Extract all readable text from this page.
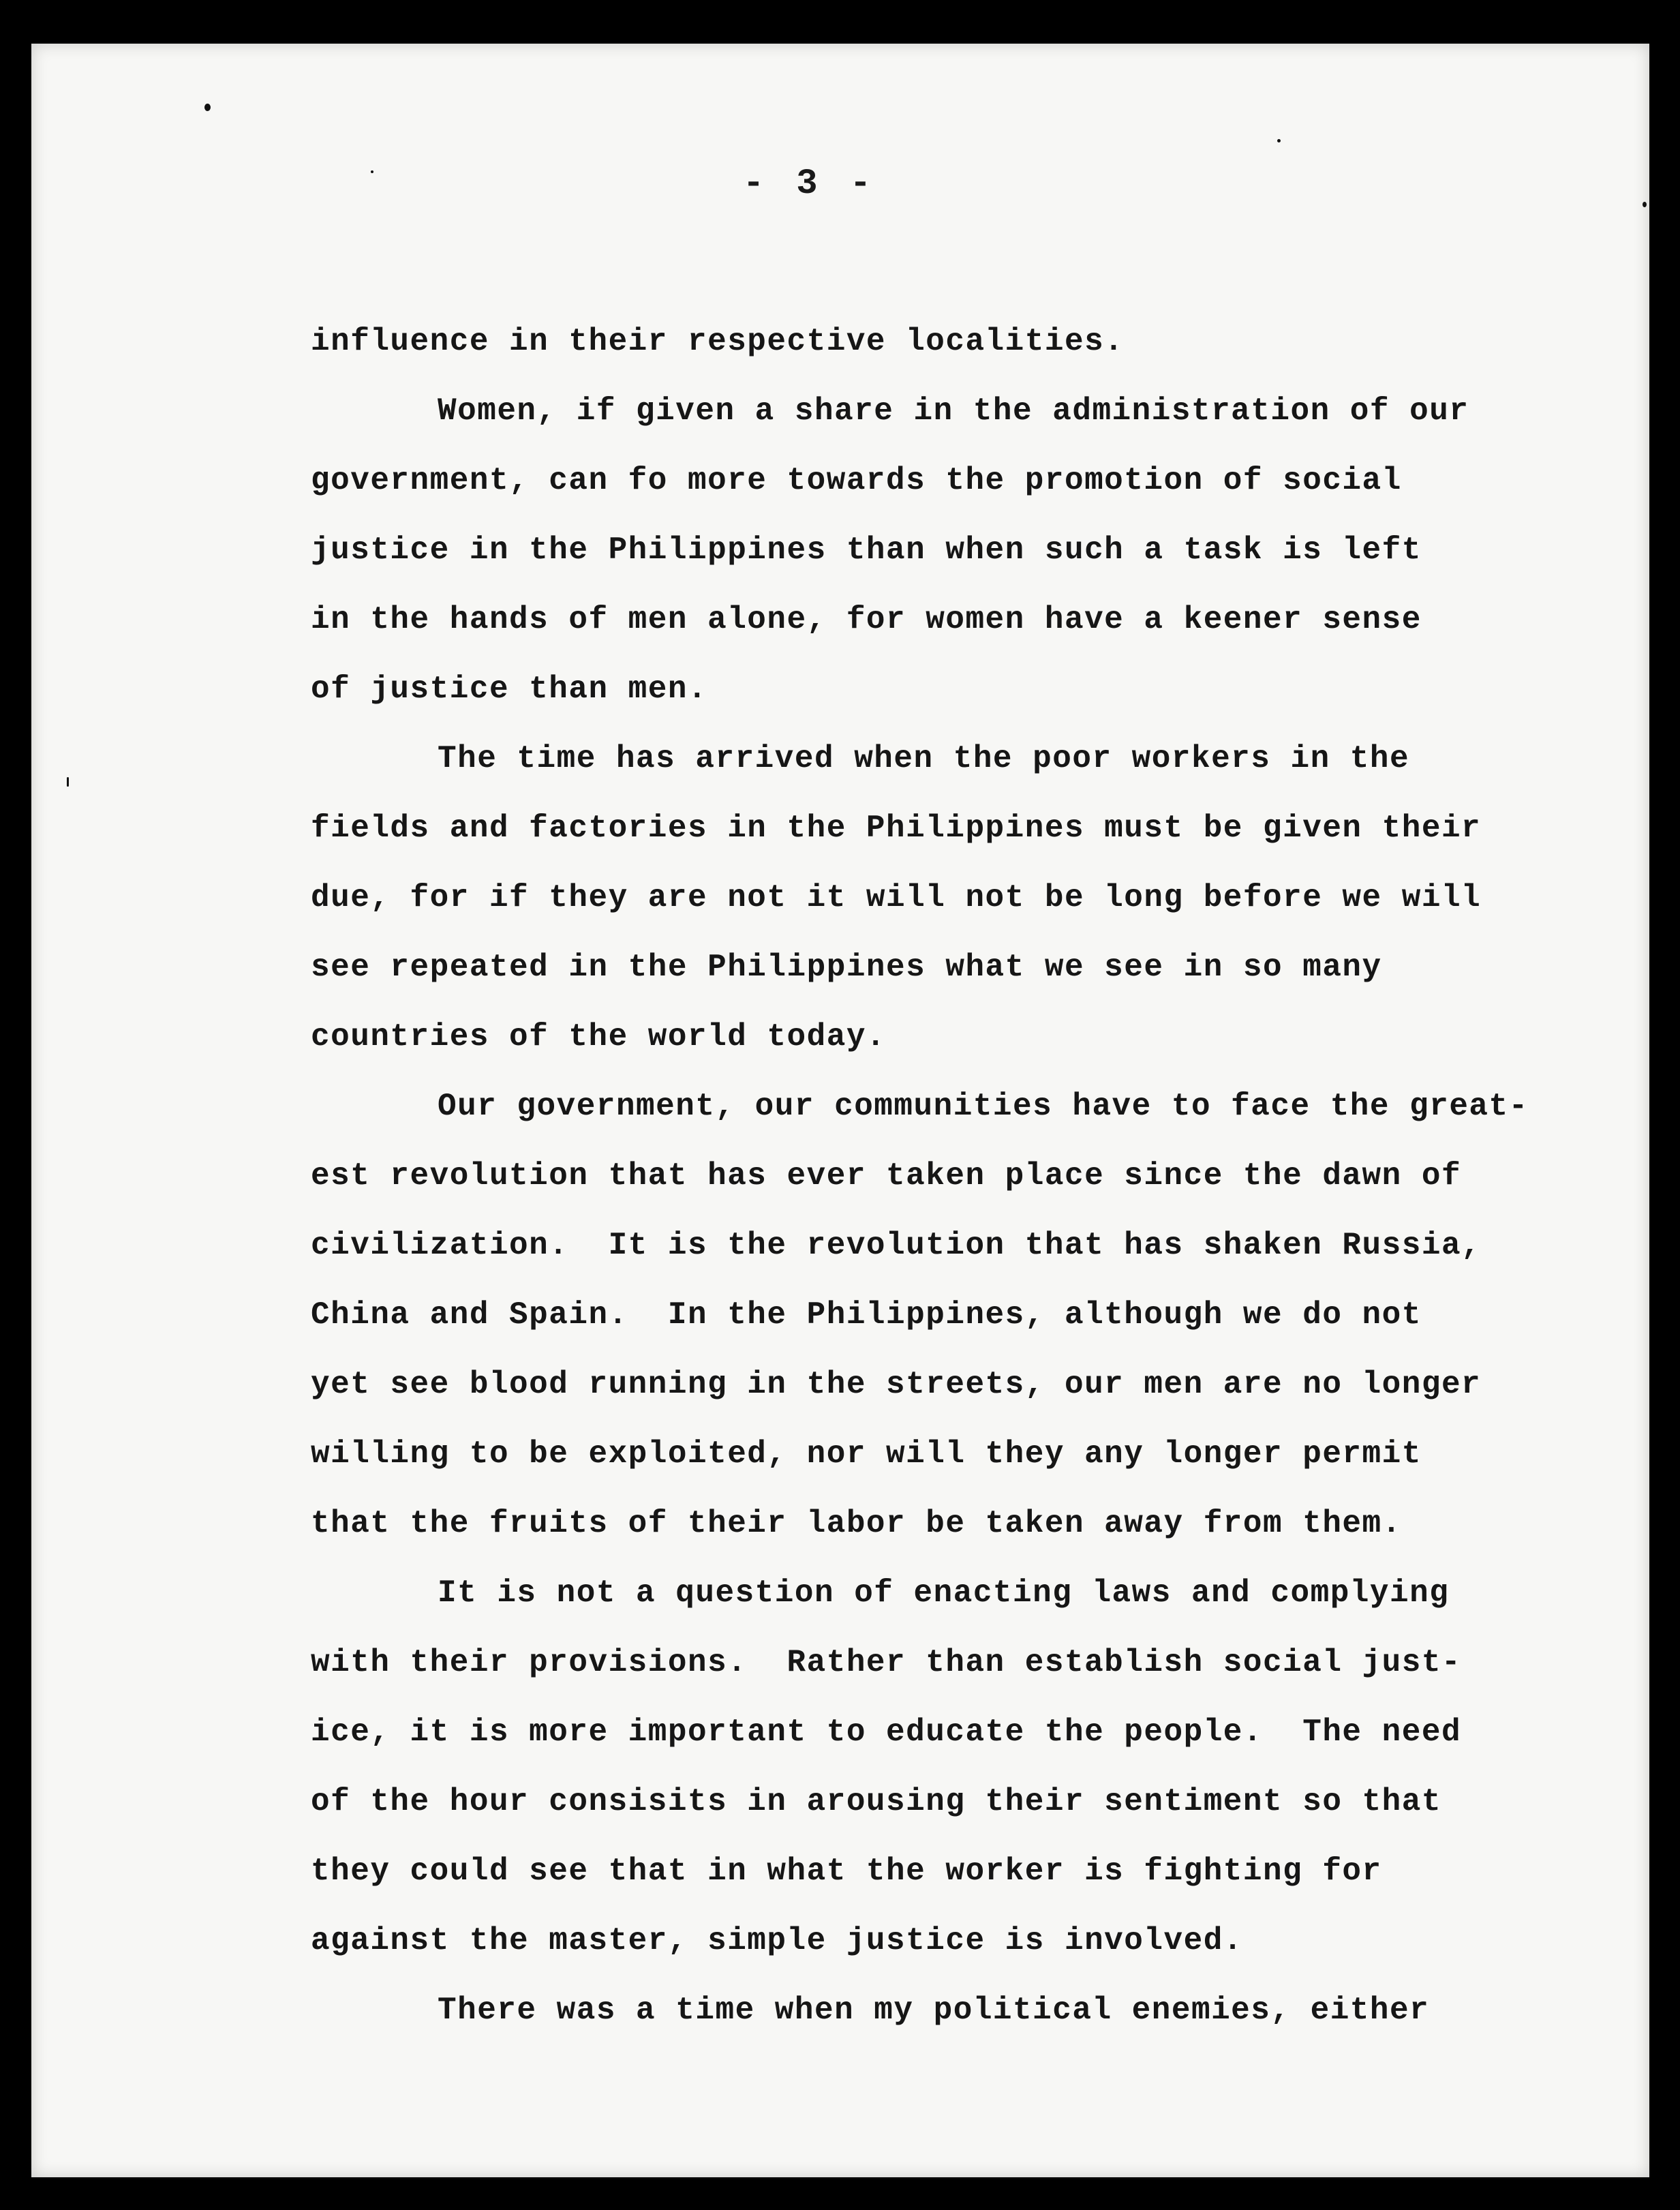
- 3 -

influence in their respective localities.

Women, if given a share in the administration of our

government, can fo more towards the promotion of social

justice in the Philippines than when such a task is left

in the hands of men alone, for women have a keener sense

of justice than men.

The time has arrived when the poor workers in the

fields and factories in the Philippines must be given their

due, for if they are not it will not be long before we will

see repeated in the Philippines what we see in so many

countries of the world today.

Our government, our communities have to face the great-

est revolution that has ever taken place since the dawn of

civilization.  It is the revolution that has shaken Russia,

China and Spain.  In the Philippines, although we do not

yet see blood running in the streets, our men are no longer

willing to be exploited, nor will they any longer permit

that the fruits of their labor be taken away from them.

It is not a question of enacting laws and complying

with their provisions.  Rather than establish social just-

ice, it is more important to educate the people.  The need

of the hour consisits in arousing their sentiment so that

they could see that in what the worker is fighting for

against the master, simple justice is involved.

There was a time when my political enemies, either
